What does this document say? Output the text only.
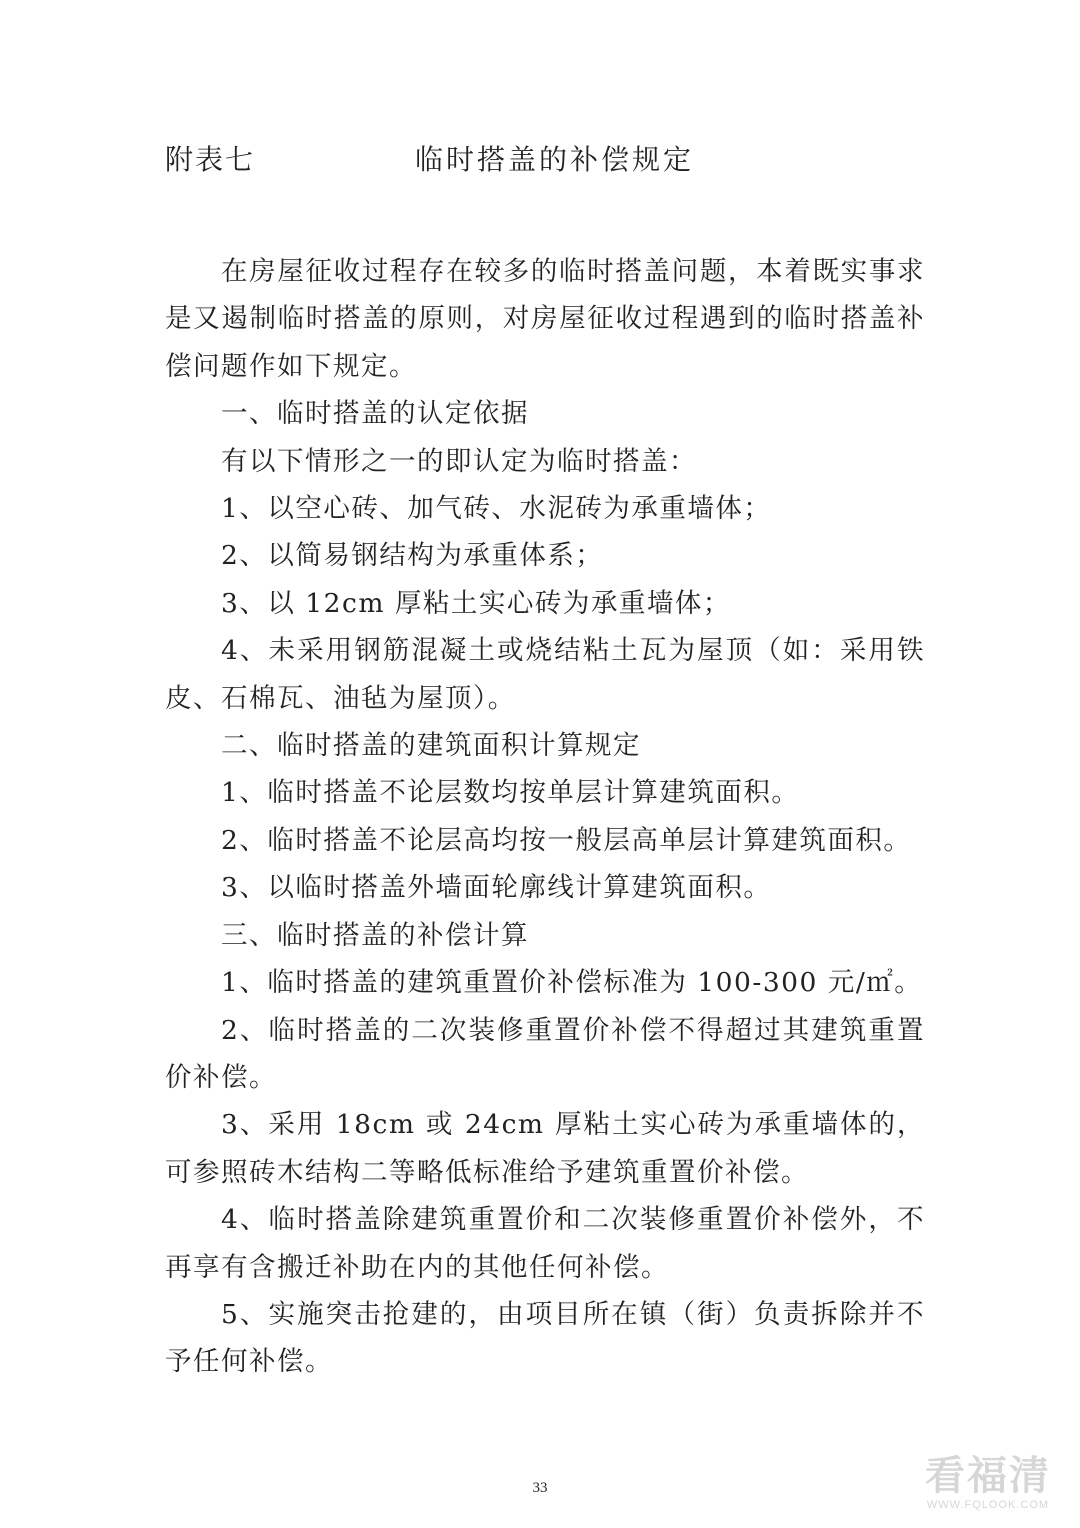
附表七	临时搭盖的补偿规定

在房屋征收过程存在较多的临时搭盖问题，本着既实事求是又遏制临时搭盖的原则，对房屋征收过程遇到的临时搭盖补偿问题作如下规定。

一、临时搭盖的认定依据

有以下情形之一的即认定为临时搭盖：

1、以空心砖、加气砖、水泥砖为承重墙体；

2、以简易钢结构为承重体系；

3、以 12cm 厚粘土实心砖为承重墙体；

4、未采用钢筋混凝土或烧结粘土瓦为屋顶（如：采用铁皮、石棉瓦、油毡为屋顶）。

二、临时搭盖的建筑面积计算规定

1、临时搭盖不论层数均按单层计算建筑面积。

2、临时搭盖不论层高均按一般层高单层计算建筑面积。

3、以临时搭盖外墙面轮廓线计算建筑面积。

三、临时搭盖的补偿计算

1、临时搭盖的建筑重置价补偿标准为 100-300 元/㎡。

2、临时搭盖的二次装修重置价补偿不得超过其建筑重置价补偿。

3、采用 18cm 或 24cm 厚粘土实心砖为承重墙体的，可参照砖木结构二等略低标准给予建筑重置价补偿。

4、临时搭盖除建筑重置价和二次装修重置价补偿外，不再享有含搬迁补助在内的其他任何补偿。

5、实施突击抢建的，由项目所在镇（街）负责拆除并不予任何补偿。

33	看福清
WWW.FQLOOK.COM
